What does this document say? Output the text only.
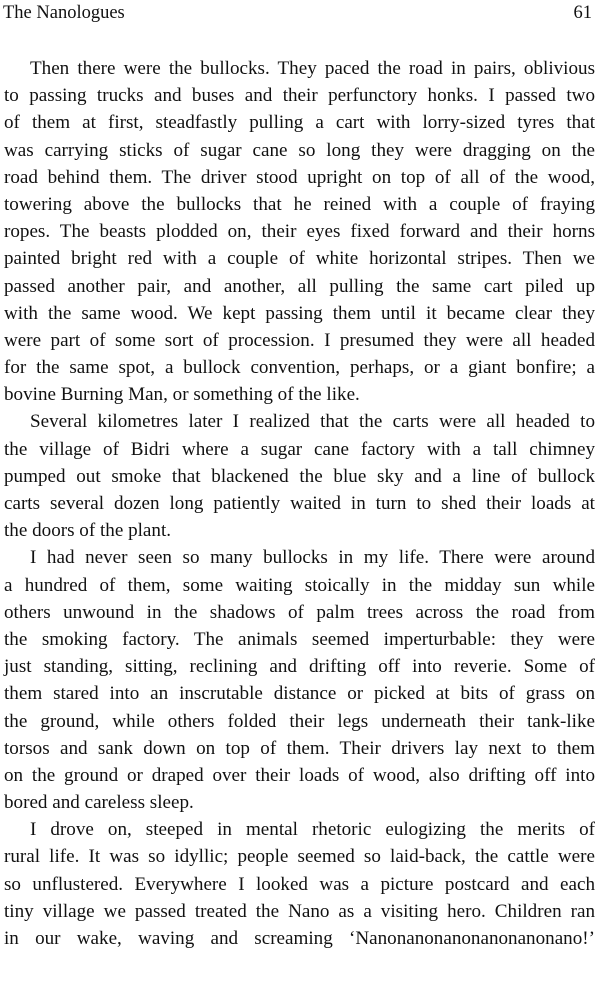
The Nanologues	61
Then there were the bullocks. They paced the road in pairs, oblivious
to passing trucks and buses and their perfunctory honks. I passed two
of them at first, steadfastly pulling a cart with lorry-sized tyres that
was carrying sticks of sugar cane so long they were dragging on the
road behind them. The driver stood upright on top of all of the wood,
towering above the bullocks that he reined with a couple of fraying
ropes. The beasts plodded on, their eyes fixed forward and their horns
painted bright red with a couple of white horizontal stripes. Then we
passed another pair, and another, all pulling the same cart piled up
with the same wood. We kept passing them until it became clear they
were part of some sort of procession. I presumed they were all headed
for the same spot, a bullock convention, perhaps, or a giant bonfire; a
bovine Burning Man, or something of the like.
Several kilometres later I realized that the carts were all headed to
the village of Bidri where a sugar cane factory with a tall chimney
pumped out smoke that blackened the blue sky and a line of bullock
carts several dozen long patiently waited in turn to shed their loads at
the doors of the plant.
I had never seen so many bullocks in my life. There were around
a hundred of them, some waiting stoically in the midday sun while
others unwound in the shadows of palm trees across the road from
the smoking factory. The animals seemed imperturbable: they were
just standing, sitting, reclining and drifting off into reverie. Some of
them stared into an inscrutable distance or picked at bits of grass on
the ground, while others folded their legs underneath their tank-like
torsos and sank down on top of them. Their drivers lay next to them
on the ground or draped over their loads of wood, also drifting off into
bored and careless sleep.
I drove on, steeped in mental rhetoric eulogizing the merits of
rural life. It was so idyllic; people seemed so laid-back, the cattle were
so unflustered. Everywhere I looked was a picture postcard and each
tiny village we passed treated the Nano as a visiting hero. Children ran
in our wake, waving and screaming ‘Nanonanonanonanonanonano!’
